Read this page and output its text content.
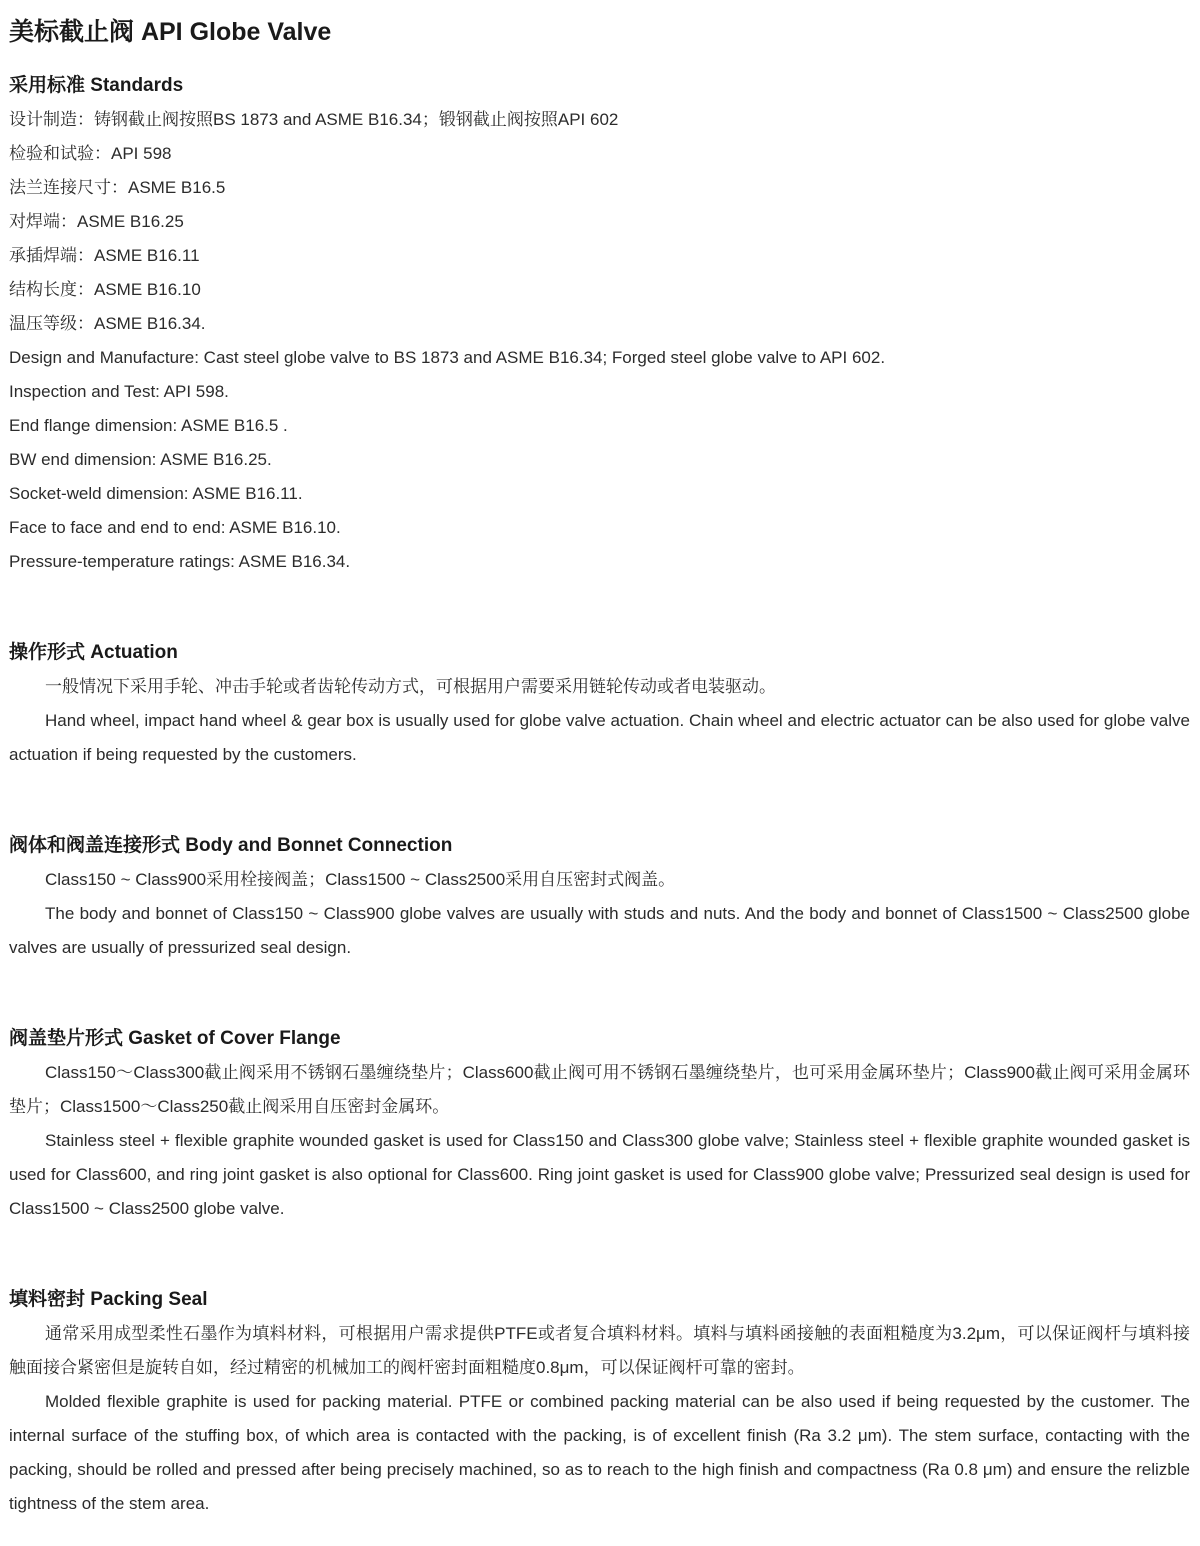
美标截止阀 API Globe Valve
采用标准 Standards

设计制造：铸钢截止阀按照BS 1873 and ASME B16.34；锻钢截止阀按照API 602

检验和试验：API 598

法兰连接尺寸：ASME B16.5

对焊端：ASME B16.25

承插焊端：ASME B16.11

结构长度：ASME B16.10

温压等级：ASME B16.34.

Design and Manufacture: Cast steel globe valve to BS 1873 and ASME B16.34; Forged steel globe valve to API 602.

Inspection and Test: API 598.

End flange dimension: ASME B16.5 .

BW end dimension: ASME B16.25.

Socket-weld dimension: ASME B16.11.

Face to face and end to end: ASME B16.10.

Pressure-temperature ratings: ASME B16.34.

操作形式 Actuation

一般情况下采用手轮、冲击手轮或者齿轮传动方式，可根据用户需要采用链轮传动或者电装驱动。

Hand wheel, impact hand wheel & gear box is usually used for globe valve actuation. Chain wheel and electric actuator can be also used for globe valve actuation if being requested by the customers.

阀体和阀盖连接形式 Body and Bonnet Connection

Class150 ~ Class900采用栓接阀盖；Class1500 ~ Class2500采用自压密封式阀盖。

The body and bonnet of Class150 ~ Class900 globe valves are usually with studs and nuts. And the body and bonnet of Class1500 ~ Class2500 globe valves are usually of pressurized seal design.

阀盖垫片形式 Gasket of Cover Flange

Class150～Class300截止阀采用不锈钢石墨缠绕垫片；Class600截止阀可用不锈钢石墨缠绕垫片，也可采用金属环垫片；Class900截止阀可采用金属环垫片；Class1500～Class250截止阀采用自压密封金属环。

Stainless steel + flexible graphite wounded gasket is used for Class150 and Class300 globe valve; Stainless steel + flexible graphite wounded gasket is used for Class600, and ring joint gasket is also optional for Class600. Ring joint gasket is used for Class900 globe valve; Pressurized seal design is used for Class1500 ~ Class2500 globe valve.

填料密封 Packing Seal

通常采用成型柔性石墨作为填料材料，可根据用户需求提供PTFE或者复合填料材料。填料与填料函接触的表面粗糙度为3.2μm，可以保证阀杆与填料接触面接合紧密但是旋转自如，经过精密的机械加工的阀杆密封面粗糙度0.8μm，可以保证阀杆可靠的密封。

Molded flexible graphite is used for packing material. PTFE or combined packing material can be also used if being requested by the customer. The internal surface of the stuffing box, of which area is contacted with the packing, is of excellent finish (Ra 3.2 μm). The stem surface, contacting with the packing, should be rolled and pressed after being precisely machined, so as to reach to the high finish and compactness (Ra 0.8 μm) and ensure the relizble tightness of the stem area.
